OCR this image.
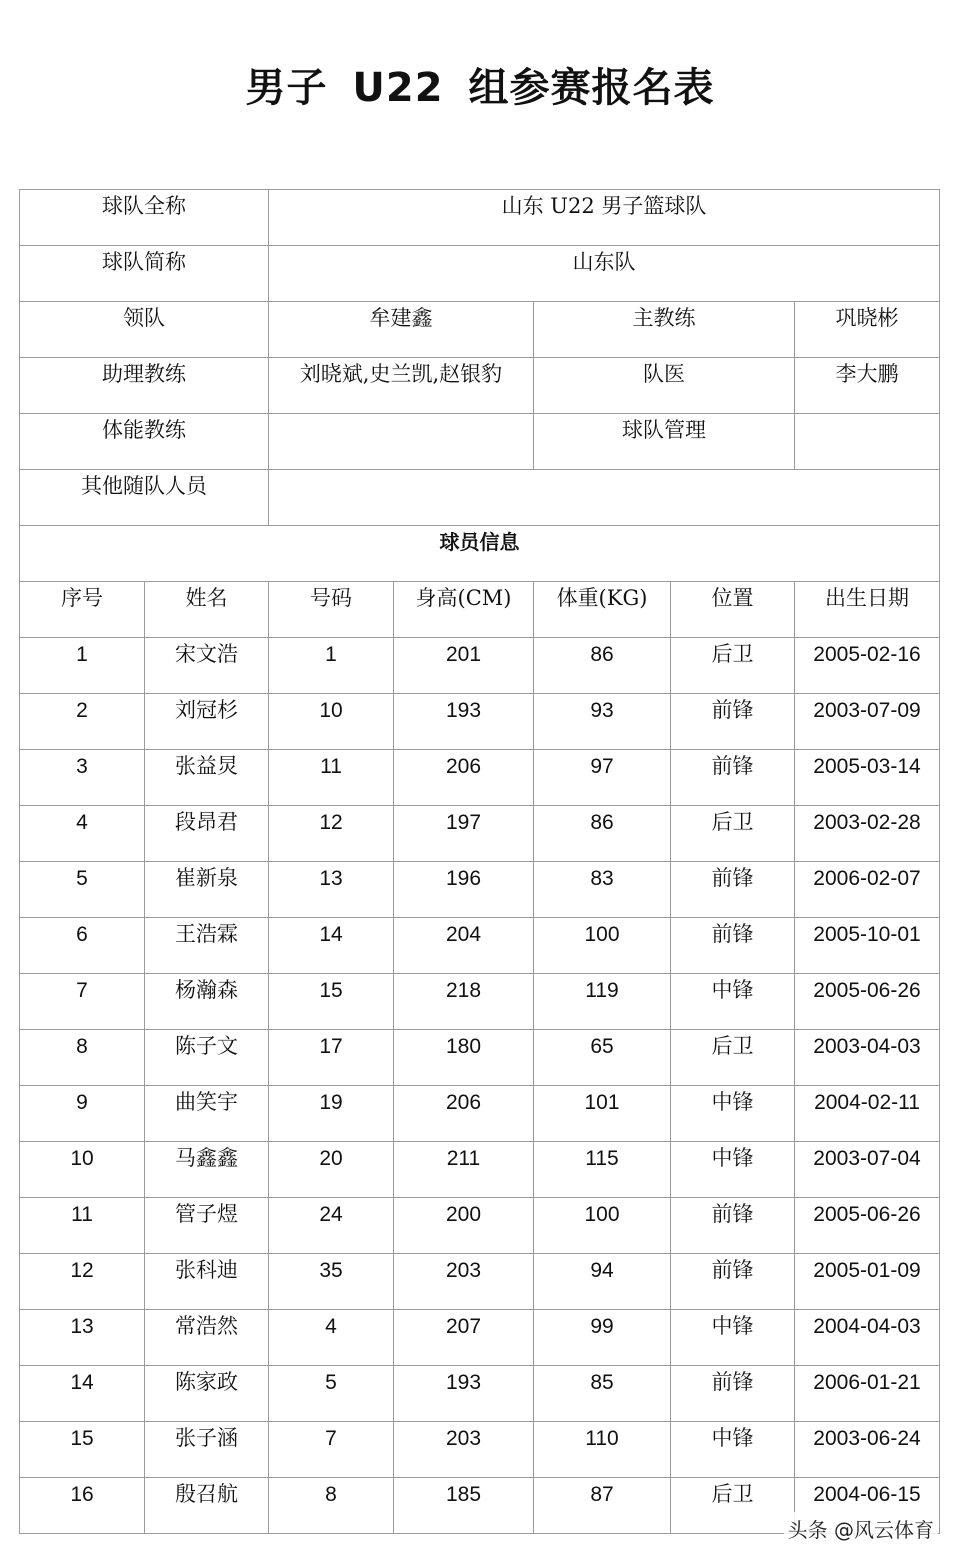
男子 U22 组参赛报名表
球队全称		山东 U22 男子篮球队				

球队简称		山东队				

领队		牟建鑫		主教练		巩晓彬

助理教练		刘晓斌,史兰凯,赵银豹		队医		李大鹏

体能教练				球队管理		

其他随队人员						

球员信息						

序号	姓名	号码	身高(CM)	体重(KG)	位置	出生日期

1	宋文浩	1	201	86	后卫	2005-02-16

2	刘冠杉	10	193	93	前锋	2003-07-09

3	张益炅	11	206	97	前锋	2005-03-14

4	段昂君	12	197	86	后卫	2003-02-28

5	崔新泉	13	196	83	前锋	2006-02-07

6	王浩霖	14	204	100	前锋	2005-10-01

7	杨瀚森	15	218	119	中锋	2005-06-26

8	陈子文	17	180	65	后卫	2003-04-03

9	曲笑宇	19	206	101	中锋	2004-02-11

10	马鑫鑫	20	211	115	中锋	2003-07-04

11	管子煜	24	200	100	前锋	2005-06-26

12	张科迪	35	203	94	前锋	2005-01-09

13	常浩然	4	207	99	中锋	2004-04-03

14	陈家政	5	193	85	前锋	2006-01-21

15	张子涵	7	203	110	中锋	2003-06-24

16	殷召航	8	185	87	后卫	2004-06-15
头条 @风云体育
